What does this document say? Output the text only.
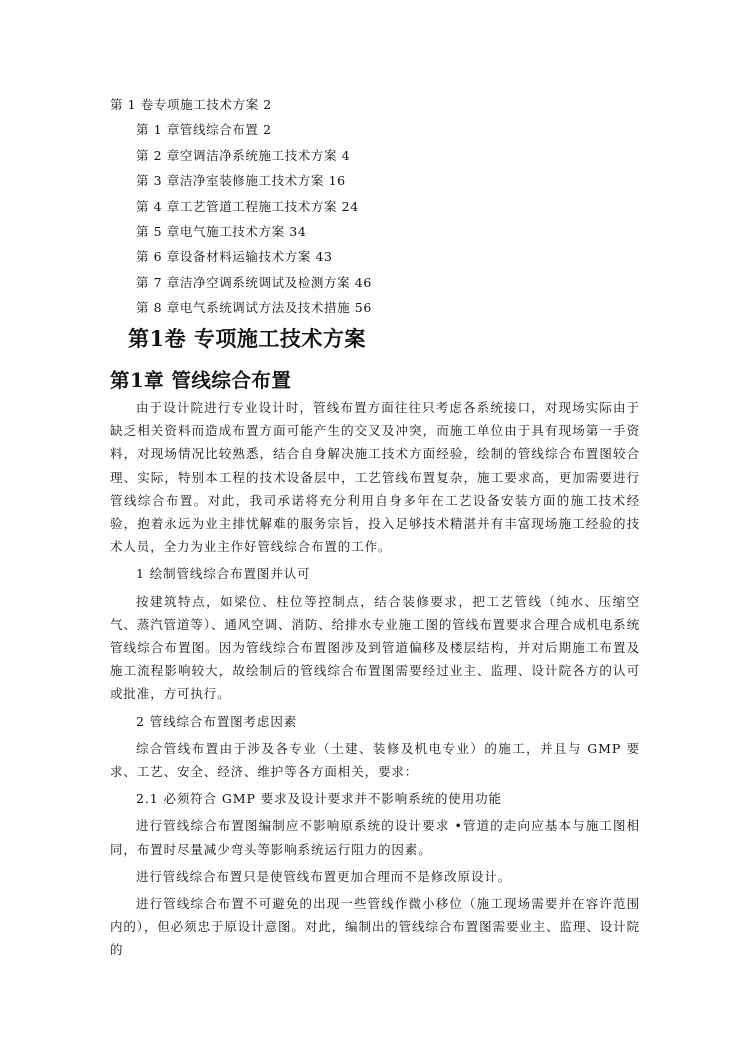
第 1 卷专项施工技术方案 2
第 1 章管线综合布置 2
第 2 章空调洁净系统施工技术方案 4
第 3 章洁净室装修施工技术方案 16
第 4 章工艺管道工程施工技术方案 24
第 5 章电气施工技术方案 34
第 6 章设备材料运输技术方案 43
第 7 章洁净空调系统调试及检测方案 46
第 8 章电气系统调试方法及技术措施 56
第1卷 专项施工技术方案
第1章 管线综合布置

由于设计院进行专业设计时，管线布置方面往往只考虑各系统接口，对现场实际由于缺乏相关资料而造成布置方面可能产生的交叉及冲突，而施工单位由于具有现场第一手资料，对现场情况比较熟悉，结合自身解决施工技术方面经验，绘制的管线综合布置图较合理、实际，特别本工程的技术设备层中，工艺管线布置复杂，施工要求高，更加需要进行管线综合布置。对此，我司承诺将充分利用自身多年在工艺设备安装方面的施工技术经验，抱着永远为业主排忧解难的服务宗旨，投入足够技术精湛并有丰富现场施工经验的技术人员，全力为业主作好管线综合布置的工作。

1 绘制管线综合布置图并认可

按建筑特点，如梁位、柱位等控制点，结合装修要求，把工艺管线（纯水、压缩空气、蒸汽管道等）、通风空调、消防、给排水专业施工图的管线布置要求合理合成机电系统管线综合布置图。因为管线综合布置图涉及到管道偏移及楼层结构，并对后期施工布置及施工流程影响较大，故绘制后的管线综合布置图需要经过业主、监理、设计院各方的认可或批准，方可执行。

2 管线综合布置图考虑因素

综合管线布置由于涉及各专业（土建、装修及机电专业）的施工，并且与 GMP 要求、工艺、安全、经济、维护等各方面相关，要求：

2.1 必须符合 GMP 要求及设计要求并不影响系统的使用功能

进行管线综合布置图编制应不影响原系统的设计要求 •管道的走向应基本与施工图相同，布置时尽量减少弯头等影响系统运行阻力的因素。

进行管线综合布置只是使管线布置更加合理而不是修改原设计。

进行管线综合布置不可避免的出现一些管线作微小移位（施工现场需要并在容许范围内的），但必须忠于原设计意图。对此，编制出的管线综合布置图需要业主、监理、设计院的
